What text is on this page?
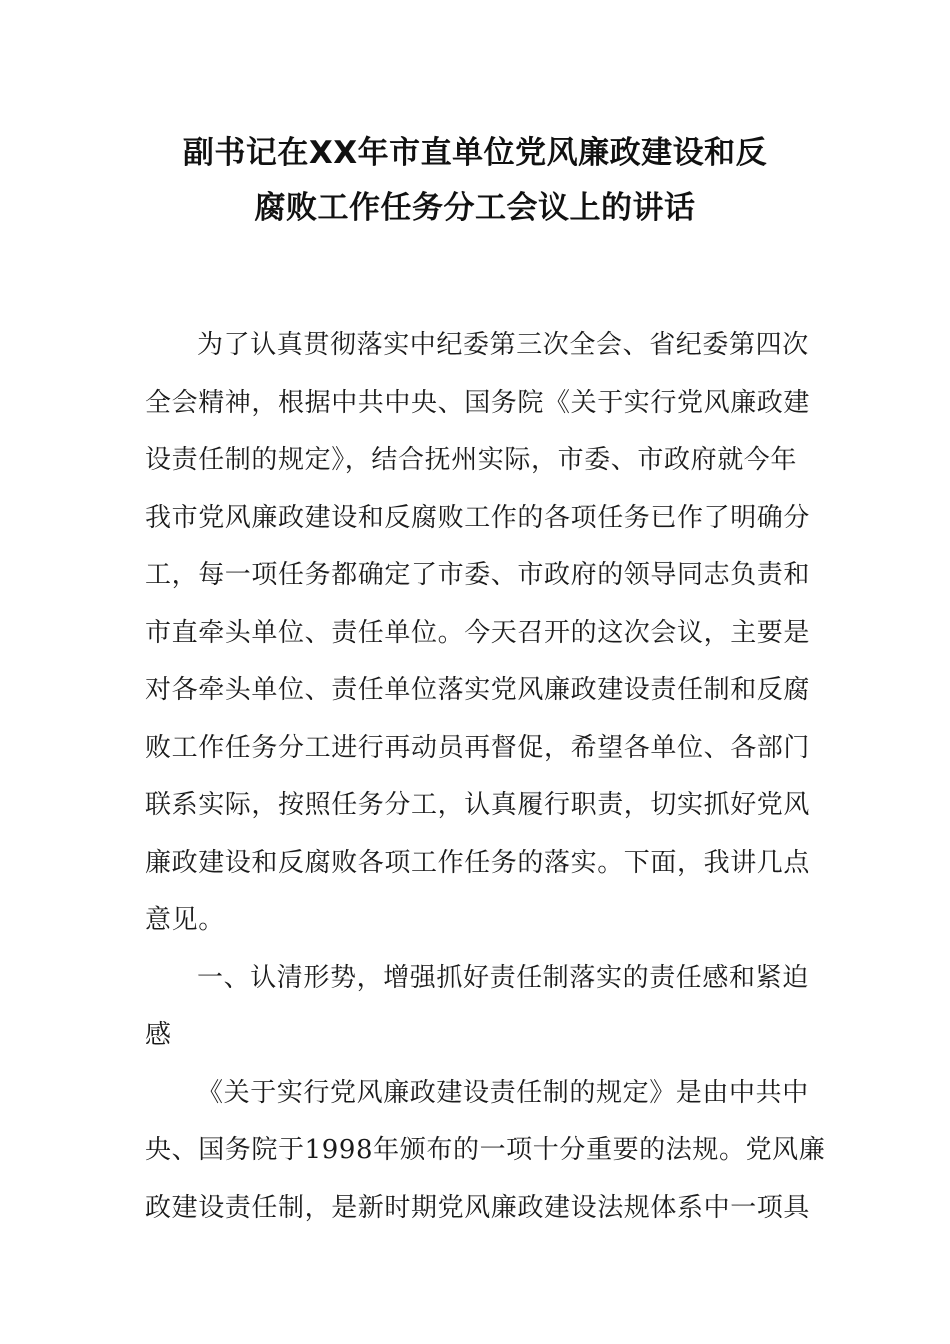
副书记在XX年市直单位党风廉政建设和反
腐败工作任务分工会议上的讲话

为了认真贯彻落实中纪委第三次全会、省纪委第四次
全会精神，根据中共中央、国务院《关于实行党风廉政建
设责任制的规定》，结合抚州实际，市委、市政府就今年
我市党风廉政建设和反腐败工作的各项任务已作了明确分
工，每一项任务都确定了市委、市政府的领导同志负责和
市直牵头单位、责任单位。今天召开的这次会议，主要是
对各牵头单位、责任单位落实党风廉政建设责任制和反腐
败工作任务分工进行再动员再督促，希望各单位、各部门
联系实际，按照任务分工，认真履行职责，切实抓好党风
廉政建设和反腐败各项工作任务的落实。下面，我讲几点
意见。

一、认清形势，增强抓好责任制落实的责任感和紧迫
感

《关于实行党风廉政建设责任制的规定》是由中共中
央、国务院于1998年颁布的一项十分重要的法规。党风廉
政建设责任制，是新时期党风廉政建设法规体系中一项具
